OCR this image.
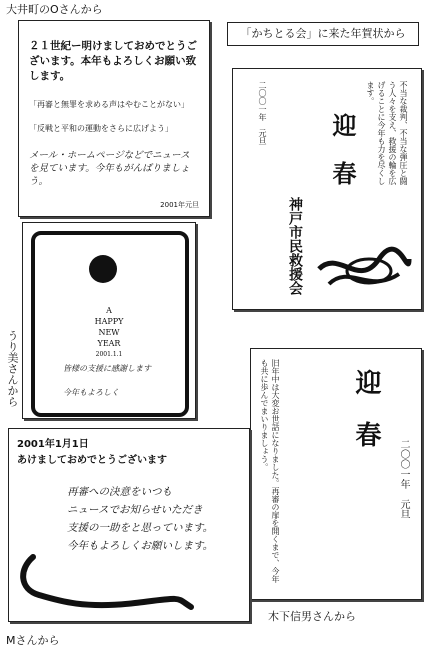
大井町のOさんから
「かちとる会」に来た年賀状から
うり美さんから
木下信男さんから
Mさんから
２１世紀ー明けましておめでとうございます。本年もよろしくお願い致します。
「再審と無罪を求める声はやむことがない」
「反戦と平和の運動をさらに広げよう」
メール・ホームページなどでニュースを見ています。今年もがんばりましょう。
2001年元旦
不当な裁判、不当な弾圧と闘う人々を支え、救援の輪を広げることに今年も力を尽くします。
二〇〇一年　元旦	迎　春
神戸市民救援会
A
HAPPY
NEW
YEAR
2001.1.1
皆様の支援に感謝します
今年もよろしく	旧年中は大変お世話になりました。再審の扉を開くまで、今年も共に歩んでまいりましょう。	迎　春
二〇〇一年　元旦
2001年1月1日
あけましておめでとうございます
再審への決意をいつも
ニュースでお知らせいただき
支援の一助をと思っています。
今年もよろしくお願いします。
